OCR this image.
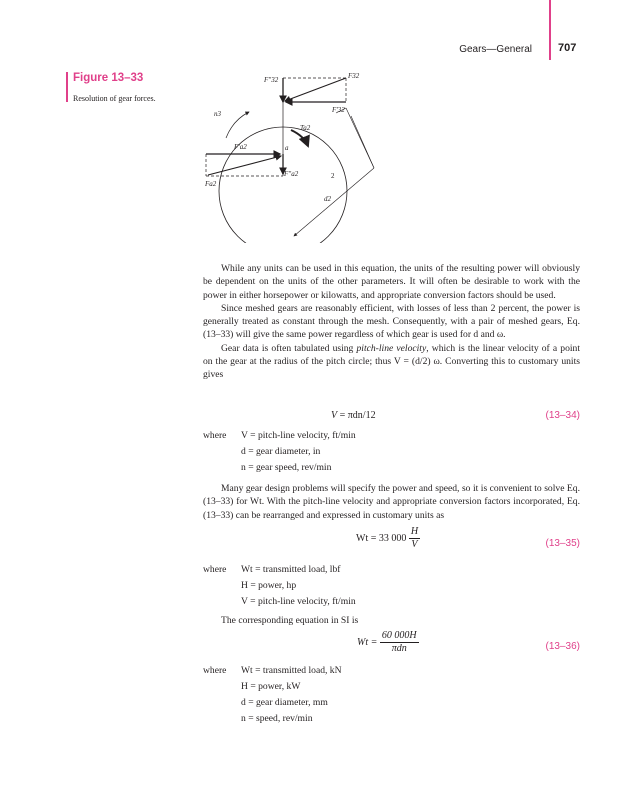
Gears—General 707
Figure 13–33
Resolution of gear forces.
F″32	F32
F′32
n3
Ta2
F′a2	a
F″a2
Fa2
d2
2

While any units can be used in this equation, the units of the resulting power will obviously be dependent on the units of the other parameters. It will often be desirable to work with the power in either horsepower or kilowatts, and appropriate conversion factors should be used.

Since meshed gears are reasonably efficient, with losses of less than 2 percent, the power is generally treated as constant through the mesh. Consequently, with a pair of meshed gears, Eq. (13–33) will give the same power regardless of which gear is used for d and ω.

Gear data is often tabulated using pitch-line velocity, which is the linear velocity of a point on the gear at the radius of the pitch circle; thus V = (d/2) ω. Converting this to customary units gives

V = πdn/12	(13–34)
where V = pitch-line velocity, ft/min
d = gear diameter, in
n = gear speed, rev/min

Many gear design problems will specify the power and speed, so it is convenient to solve Eq. (13–33) for Wt. With the pitch-line velocity and appropriate conversion factors incorporated, Eq. (13–33) can be rearranged and expressed in customary units as

Wt = 33 $000 \frac{H}{V}$	(13–35)
where Wt = transmitted load, lbf
H = power, hp
V = pitch-line velocity, ft/min

The corresponding equation in SI is

$Wt = \frac{60 000H}{\text{πdn}}$	(13–36)
where Wt = transmitted load, kN
H = power, kW
d = gear diameter, mm
n = speed, rev/min
